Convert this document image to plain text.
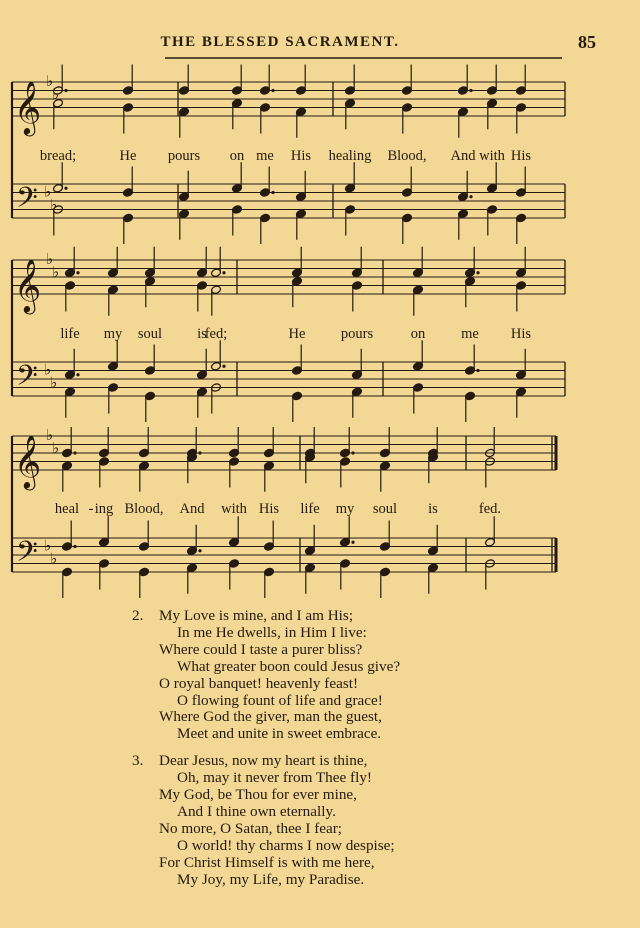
THE BLESSED SACRAMENT.	85
𝄞
𝄢
♭
♭
♭
♭
bread;	He pours on me His healing Blood, And with His
𝄞
𝄢
♭
♭
♭
♭
life my soul is
fed;	He pours	on me His
𝄞
𝄢
♭
♭
♭
♭
heal - ing Blood, And with His life my soul is	fed.
2. My Love is mine, and I am His;
In me He dwells, in Him I live:
Where could I taste a purer bliss?
What greater boon could Jesus give?
O royal banquet! heavenly feast!
O flowing fount of life and grace!
Where God the giver, man the guest,
Meet and unite in sweet embrace.
3. Dear Jesus, now my heart is thine,
Oh, may it never from Thee fly!
My God, be Thou for ever mine,
And I thine own eternally.
No more, O Satan, thee I fear;
O world! thy charms I now despise;
For Christ Himself is with me here,
My Joy, my Life, my Paradise.
